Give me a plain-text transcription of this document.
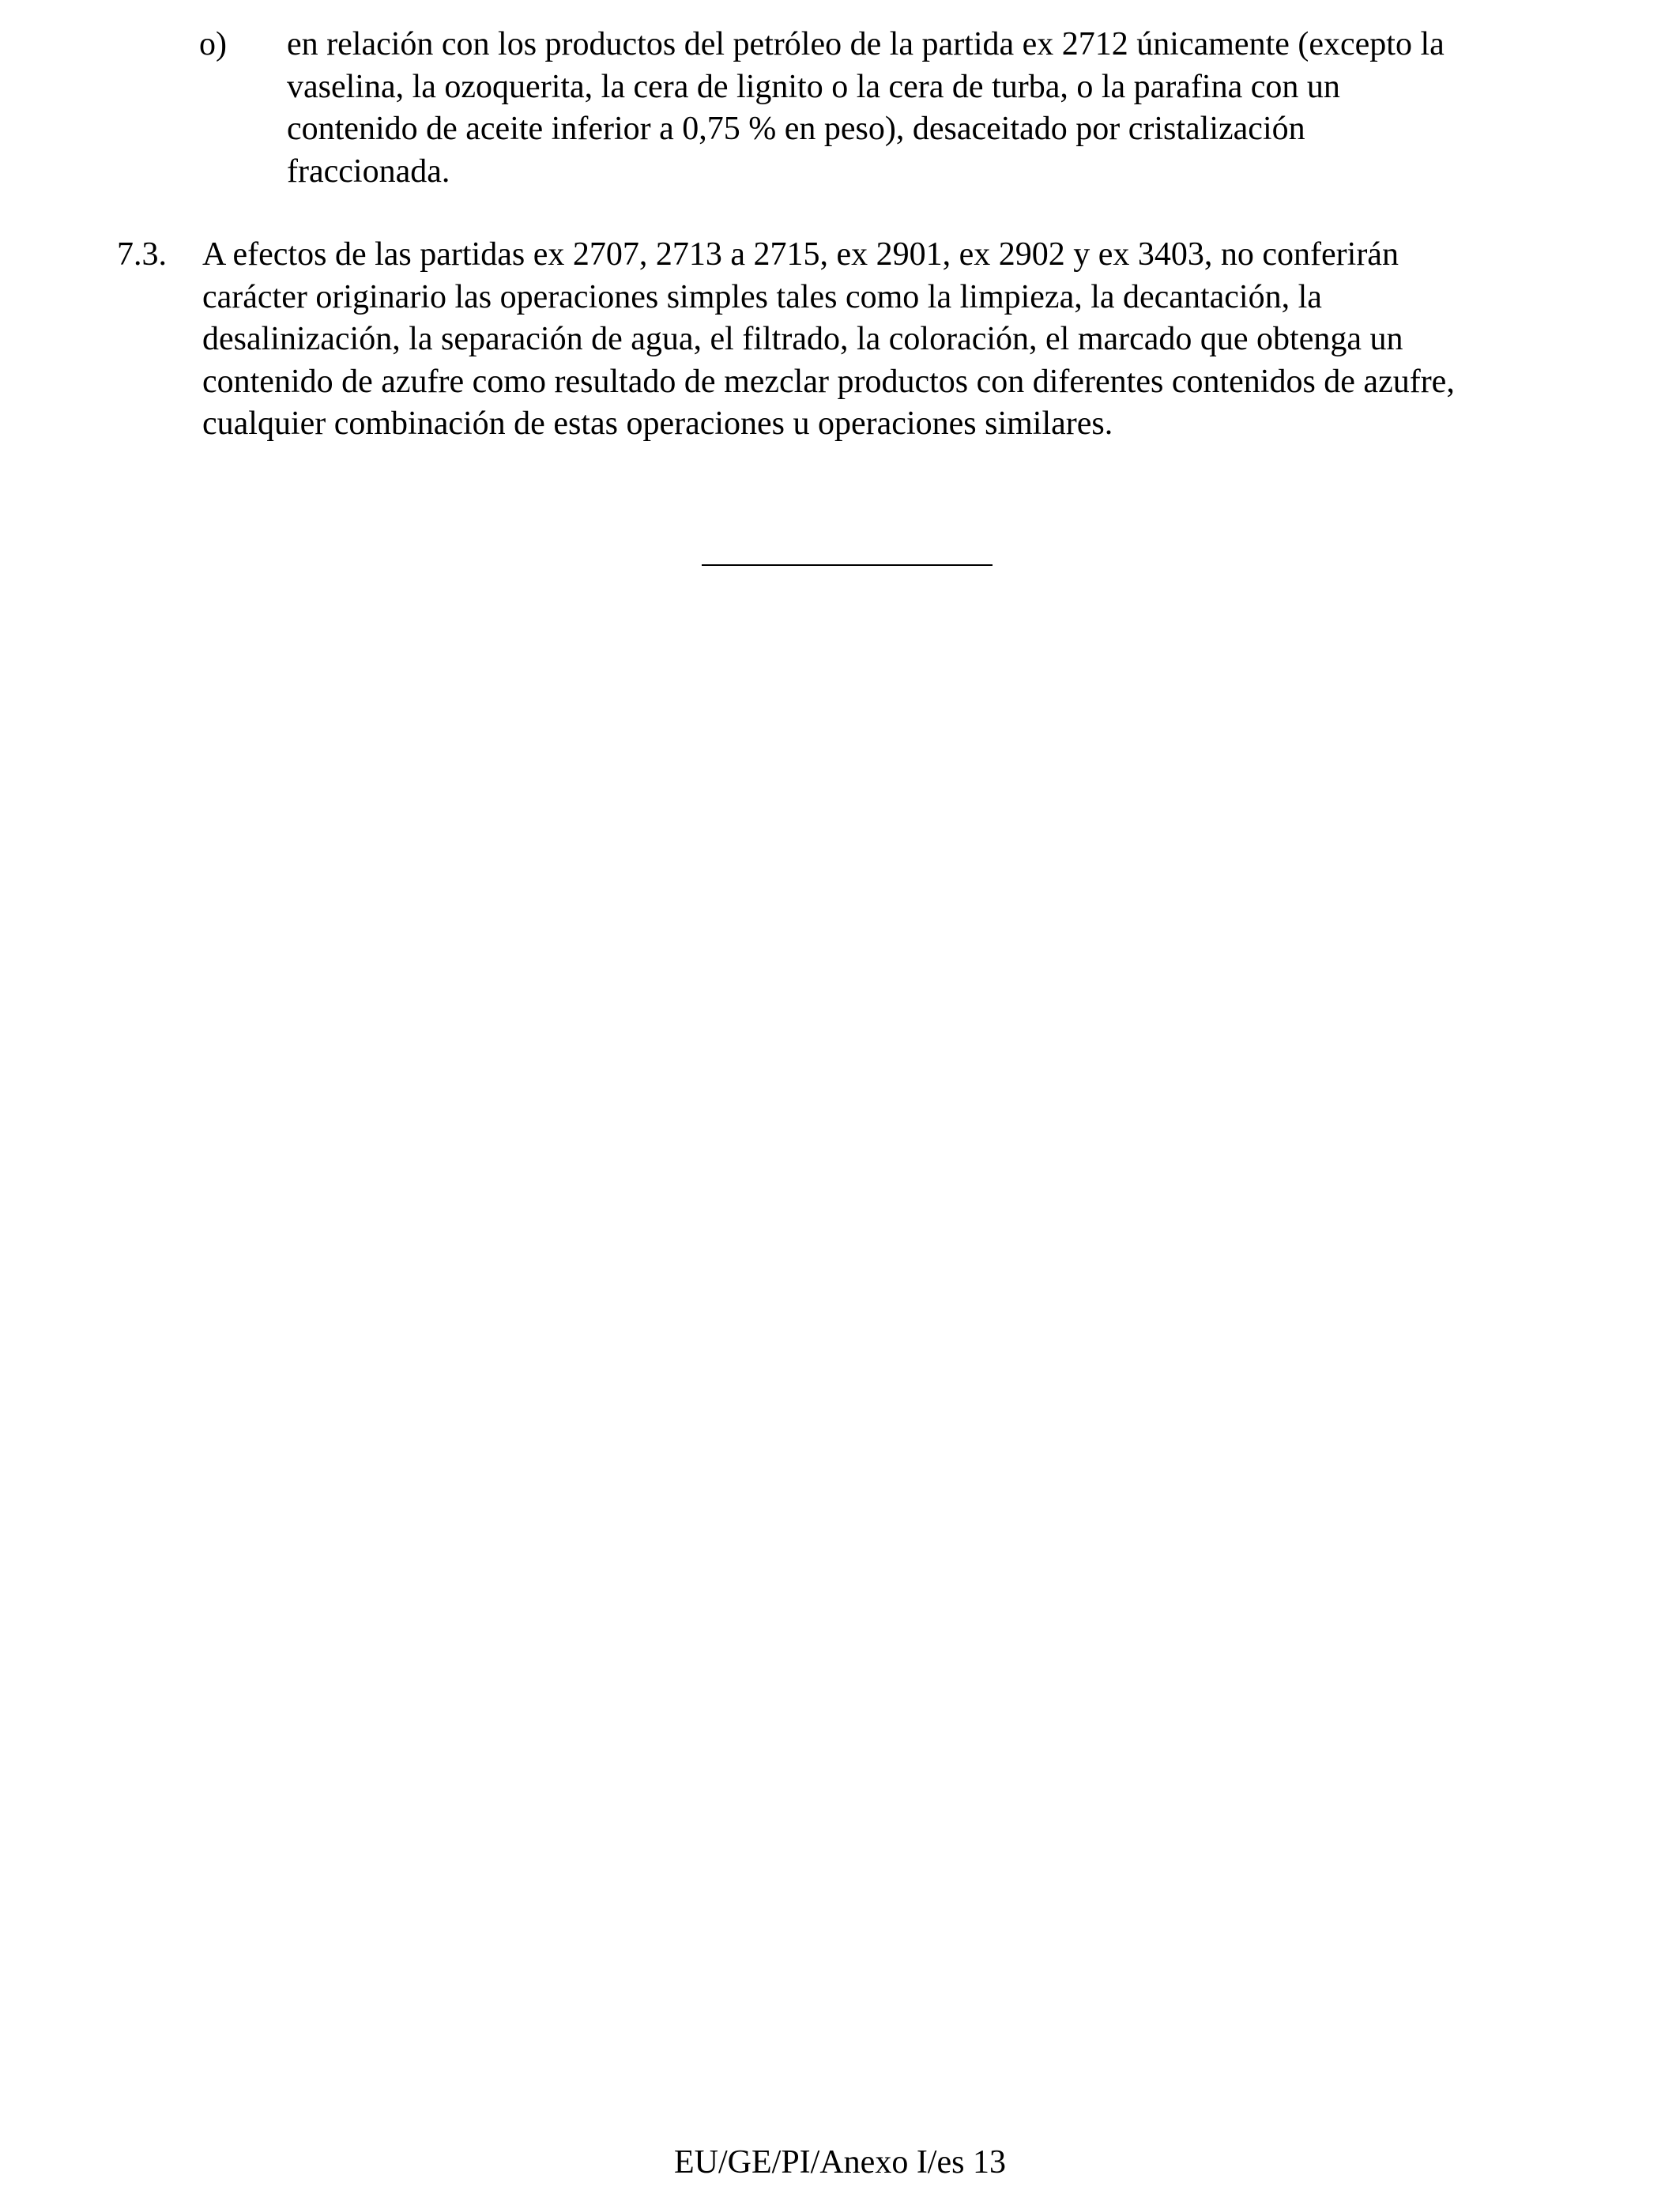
o) en relación con los productos del petróleo de la partida ex 2712 únicamente (excepto la
vaselina, la ozoquerita, la cera de lignito o la cera de turba, o la parafina con un
contenido de aceite inferior a 0,75 % en peso), desaceitado por cristalización
fraccionada.
7.3. A efectos de las partidas ex 2707, 2713 a 2715, ex 2901, ex 2902 y ex 3403, no conferirán
carácter originario las operaciones simples tales como la limpieza, la decantación, la
desalinización, la separación de agua, el filtrado, la coloración, el marcado que obtenga un
contenido de azufre como resultado de mezclar productos con diferentes contenidos de azufre,
cualquier combinación de estas operaciones u operaciones similares.
EU/GE/PI/Anexo I/es 13
